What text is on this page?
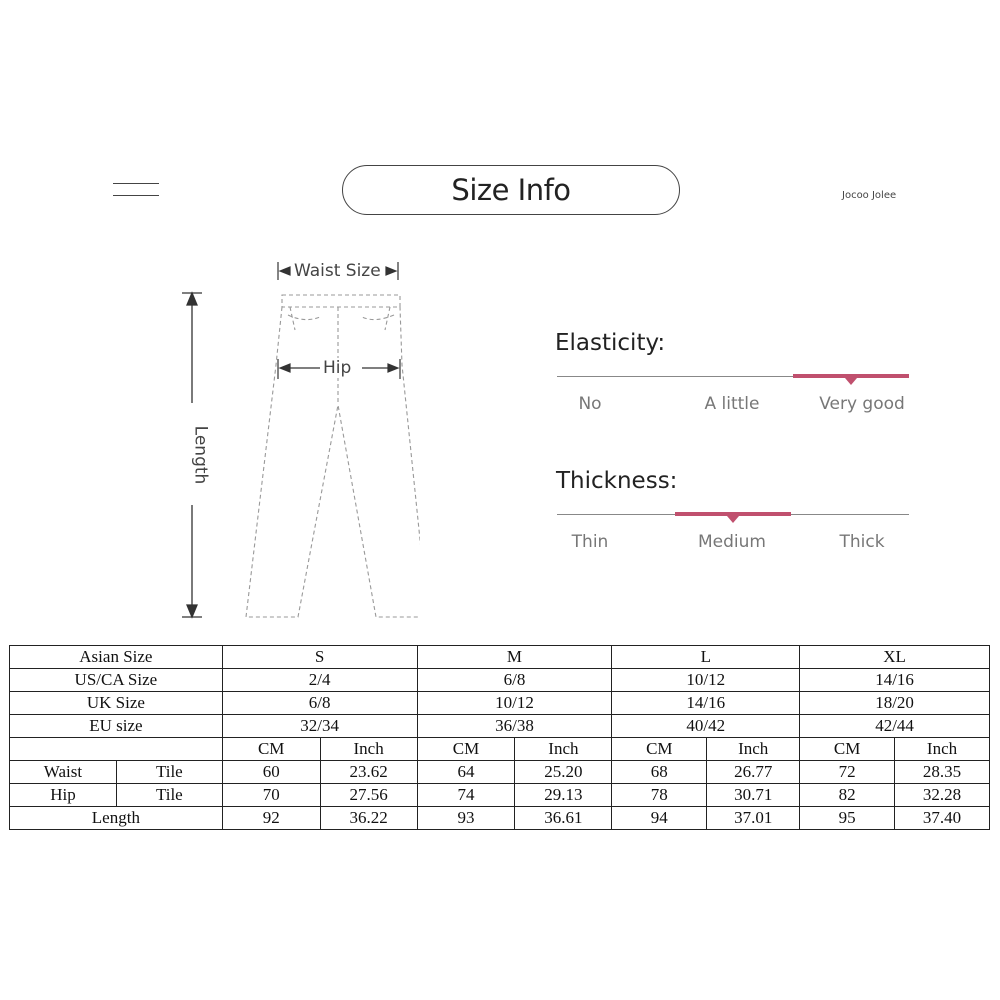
Size Info	Jocoo Jolee
Waist Size
Hip
Length
Elasticity:
No	A little	Very good
Thickness:
Thin	Medium	Thick
Asian Size		S		M		L		XL	
US/CA Size		2/4		6/8		10/12		14/16	
UK Size		6/8		10/12		14/16		18/20	
EU size		32/34		36/38		40/42		42/44	
		CM	Inch	CM	Inch	CM	Inch	CM	Inch
Waist	Tile	60	23.62	64	25.20	68	26.77	72	28.35
Hip	Tile	70	27.56	74	29.13	78	30.71	82	32.28
Length		92	36.22	93	36.61	94	37.01	95	37.40
